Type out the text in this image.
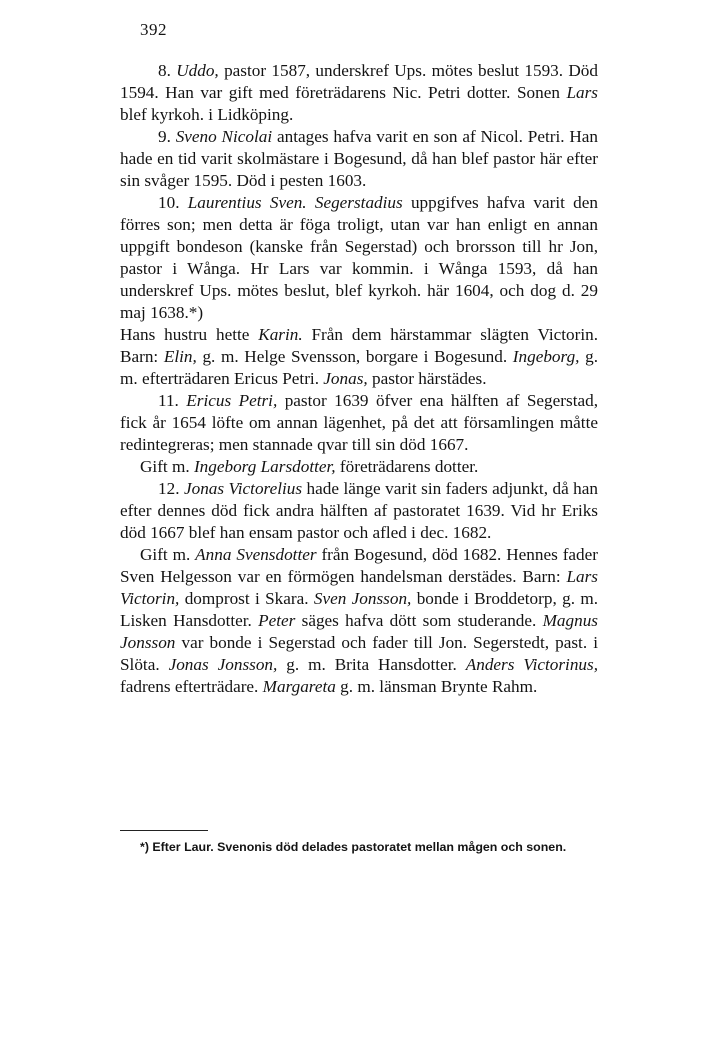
392

8. Uddo, pastor 1587, underskref Ups. mötes beslut 1593. Död 1594. Han var gift med företrädarens Nic. Petri dotter. Sonen Lars blef kyrkoh. i Lidköping.

9. Sveno Nicolai antages hafva varit en son af Nicol. Petri. Han hade en tid varit skolmästare i Bogesund, då han blef pastor här efter sin svåger 1595. Död i pesten 1603.

10. Laurentius Sven. Segerstadius uppgifves hafva varit den förres son; men detta är föga troligt, utan var han enligt en annan uppgift bondeson (kanske från Segerstad) och brorsson till hr Jon, pastor i Wånga. Hr Lars var kommin. i Wånga 1593, då han underskref Ups. mötes beslut, blef kyrkoh. här 1604, och dog d. 29 maj 1638.*)

Hans hustru hette Karin. Från dem härstammar slägten Victorin. Barn: Elin, g. m. Helge Svensson, borgare i Bogesund. Ingeborg, g. m. efterträdaren Ericus Petri. Jonas, pastor härstädes.

11. Ericus Petri, pastor 1639 öfver ena hälften af Segerstad, fick år 1654 löfte om annan lägenhet, på det att församlingen måtte redintegreras; men stannade qvar till sin död 1667.

Gift m. Ingeborg Larsdotter, företrädarens dotter.

12. Jonas Victorelius hade länge varit sin faders adjunkt, då han efter dennes död fick andra hälften af pastoratet 1639. Vid hr Eriks död 1667 blef han ensam pastor och afled i dec. 1682.

Gift m. Anna Svensdotter från Bogesund, död 1682. Hennes fader Sven Helgesson var en förmögen handelsman derstädes. Barn: Lars Victorin, domprost i Skara. Sven Jonsson, bonde i Broddetorp, g. m. Lisken Hansdotter. Peter säges hafva dött som studerande. Magnus Jonsson var bonde i Segerstad och fader till Jon. Segerstedt, past. i Slöta. Jonas Jonsson, g. m. Brita Hansdotter. Anders Victorinus, fadrens efterträdare. Margareta g. m. länsman Brynte Rahm.

*) Efter Laur. Svenonis död delades pastoratet mellan mågen och sonen.
